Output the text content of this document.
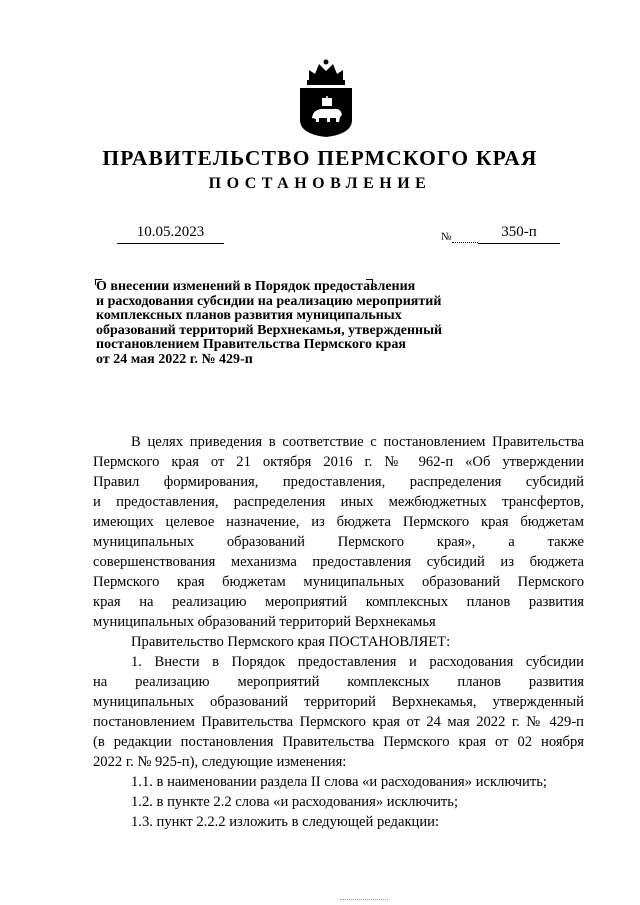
ПРАВИТЕЛЬСТВО ПЕРМСКОГО КРАЯ
ПОСТАНОВЛЕНИЕ
10.05.2023	№	350-п
О внесении изменений в Порядок предоставления
и расходования субсидии на реализацию мероприятий
комплексных планов развития муниципальных
образований территорий Верхнекамья, утвержденный
постановлением Правительства Пермского края
от 24 мая 2022 г. № 429-п
В целях приведения в соответствие с постановлением Правительства
Пермского края от 21 октября 2016 г. № 962-п «Об утверждении
Правил формирования, предоставления, распределения субсидий
и предоставления, распределения иных межбюджетных трансфертов,
имеющих целевое назначение, из бюджета Пермского края бюджетам
муниципальных образований Пермского края», а также
совершенствования механизма предоставления субсидий из бюджета
Пермского края бюджетам муниципальных образований Пермского
края на реализацию мероприятий комплексных планов развития
муниципальных образований территорий Верхнекамья
Правительство Пермского края ПОСТАНОВЛЯЕТ:
1. Внести в Порядок предоставления и расходования субсидии
на реализацию мероприятий комплексных планов развития
муниципальных образований территорий Верхнекамья, утвержденный
постановлением Правительства Пермского края от 24 мая 2022 г. № 429-п
(в редакции постановления Правительства Пермского края от 02 ноября
2022 г. № 925-п), следующие изменения:
1.1. в наименовании раздела II слова «и расходования» исключить;
1.2. в пункте 2.2 слова «и расходования» исключить;
1.3. пункт 2.2.2 изложить в следующей редакции:
